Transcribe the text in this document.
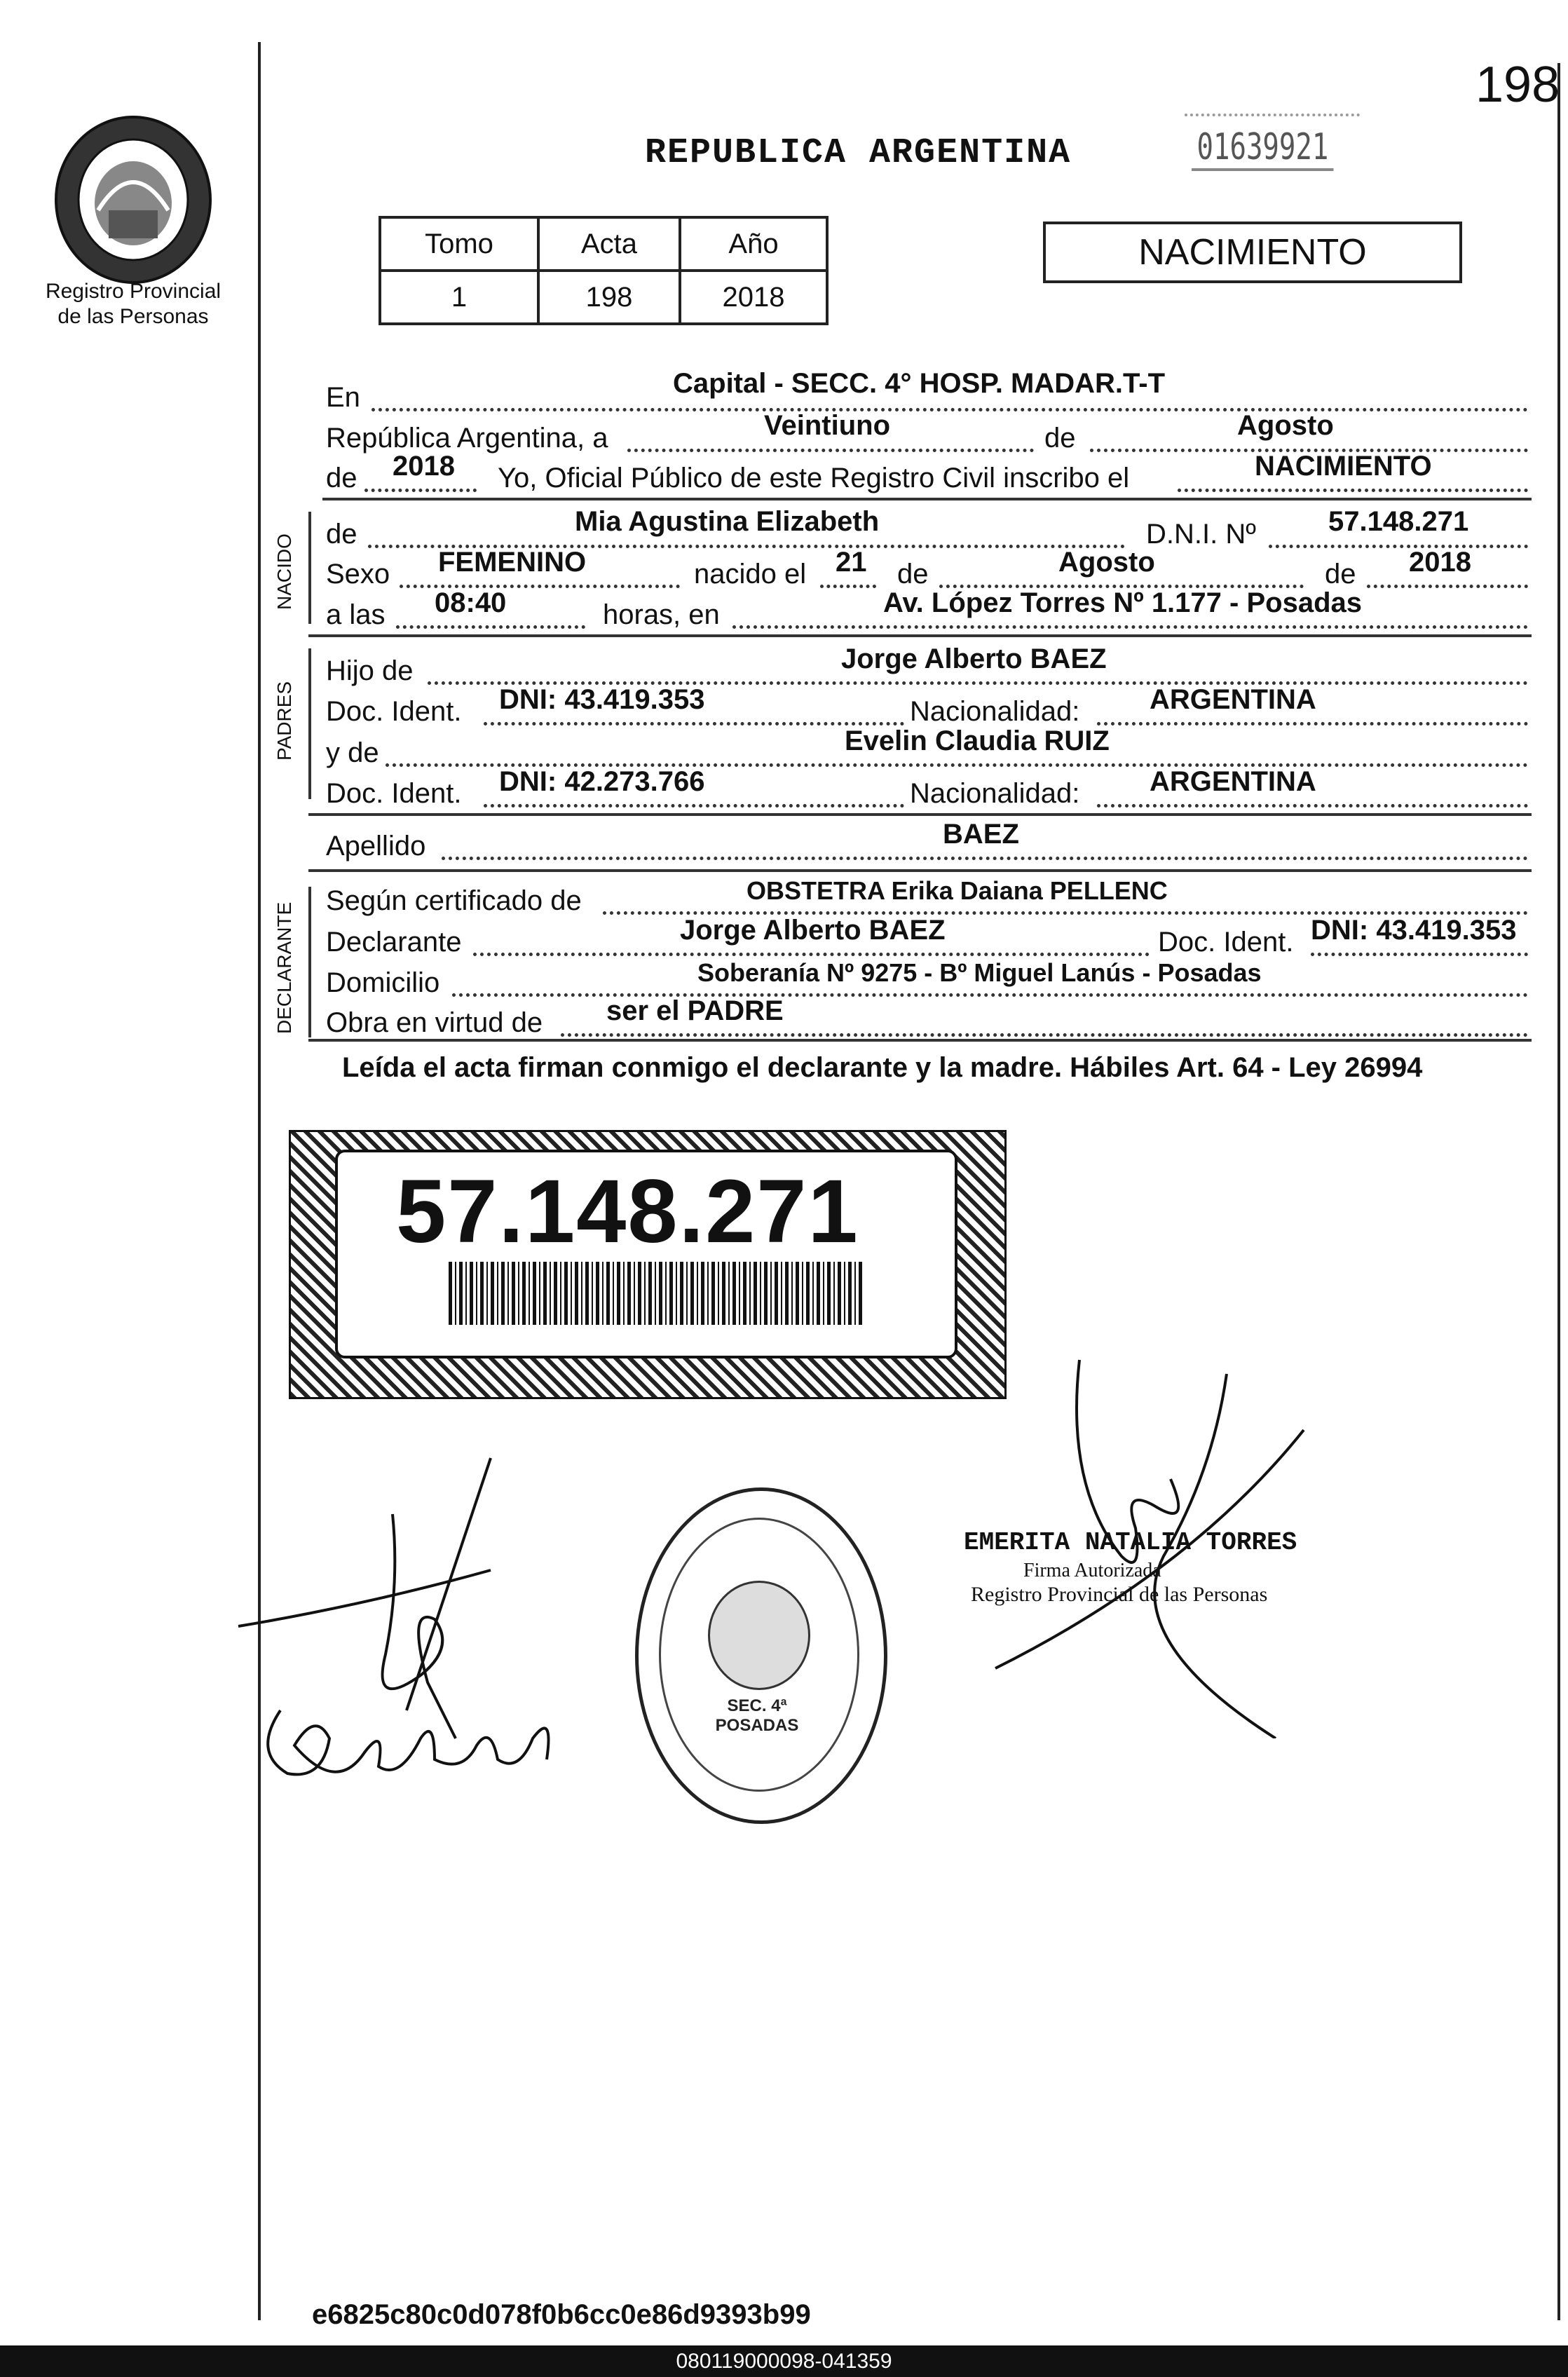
198
Registro Provincial
de las Personas
REPUBLICA ARGENTINA	01639921
Tomo	Acta	Año
1	198	2018
NACIMIENTO
En	Capital - SECC. 4° HOSP. MADAR.T-T
República Argentina, a	Veintiuno	de	Agosto
de 2018 Yo, Oficial Público de este Registro Civil inscribo el	NACIMIENTO
NACIDO de	Mia Agustina Elizabeth	D.N.I. Nº	57.148.271
Sexo FEMENINO	nacido el 21 de	Agosto	de 2018
a las 08:40	horas, en	Av. López Torres Nº 1.177 - Posadas
PADRES
Hijo de	Jorge Alberto BAEZ
Doc. Ident. DNI: 43.419.353	Nacionalidad: ARGENTINA
y de	Evelin Claudia RUIZ
Doc. Ident. DNI: 42.273.766	Nacionalidad: ARGENTINA
Apellido	BAEZ
DECLARANTE
Según certificado de	OBSTETRA Erika Daiana PELLENC
Declarante	Jorge Alberto BAEZ	Doc. Ident. DNI: 43.419.353
Domicilio	Soberanía Nº 9275 - Bº Miguel Lanús - Posadas
Obra en virtud de ser el PADRE
Leída el acta firman conmigo el declarante y la madre. Hábiles Art. 64 - Ley 26994
57.148.271
SEC. 4ª POSADAS
EMERITA NATALIA TORRES
Firma Autorizada
Registro Provincial de las Personas
e6825c80c0d078f0b6cc0e86d9393b99
080119000098-041359
